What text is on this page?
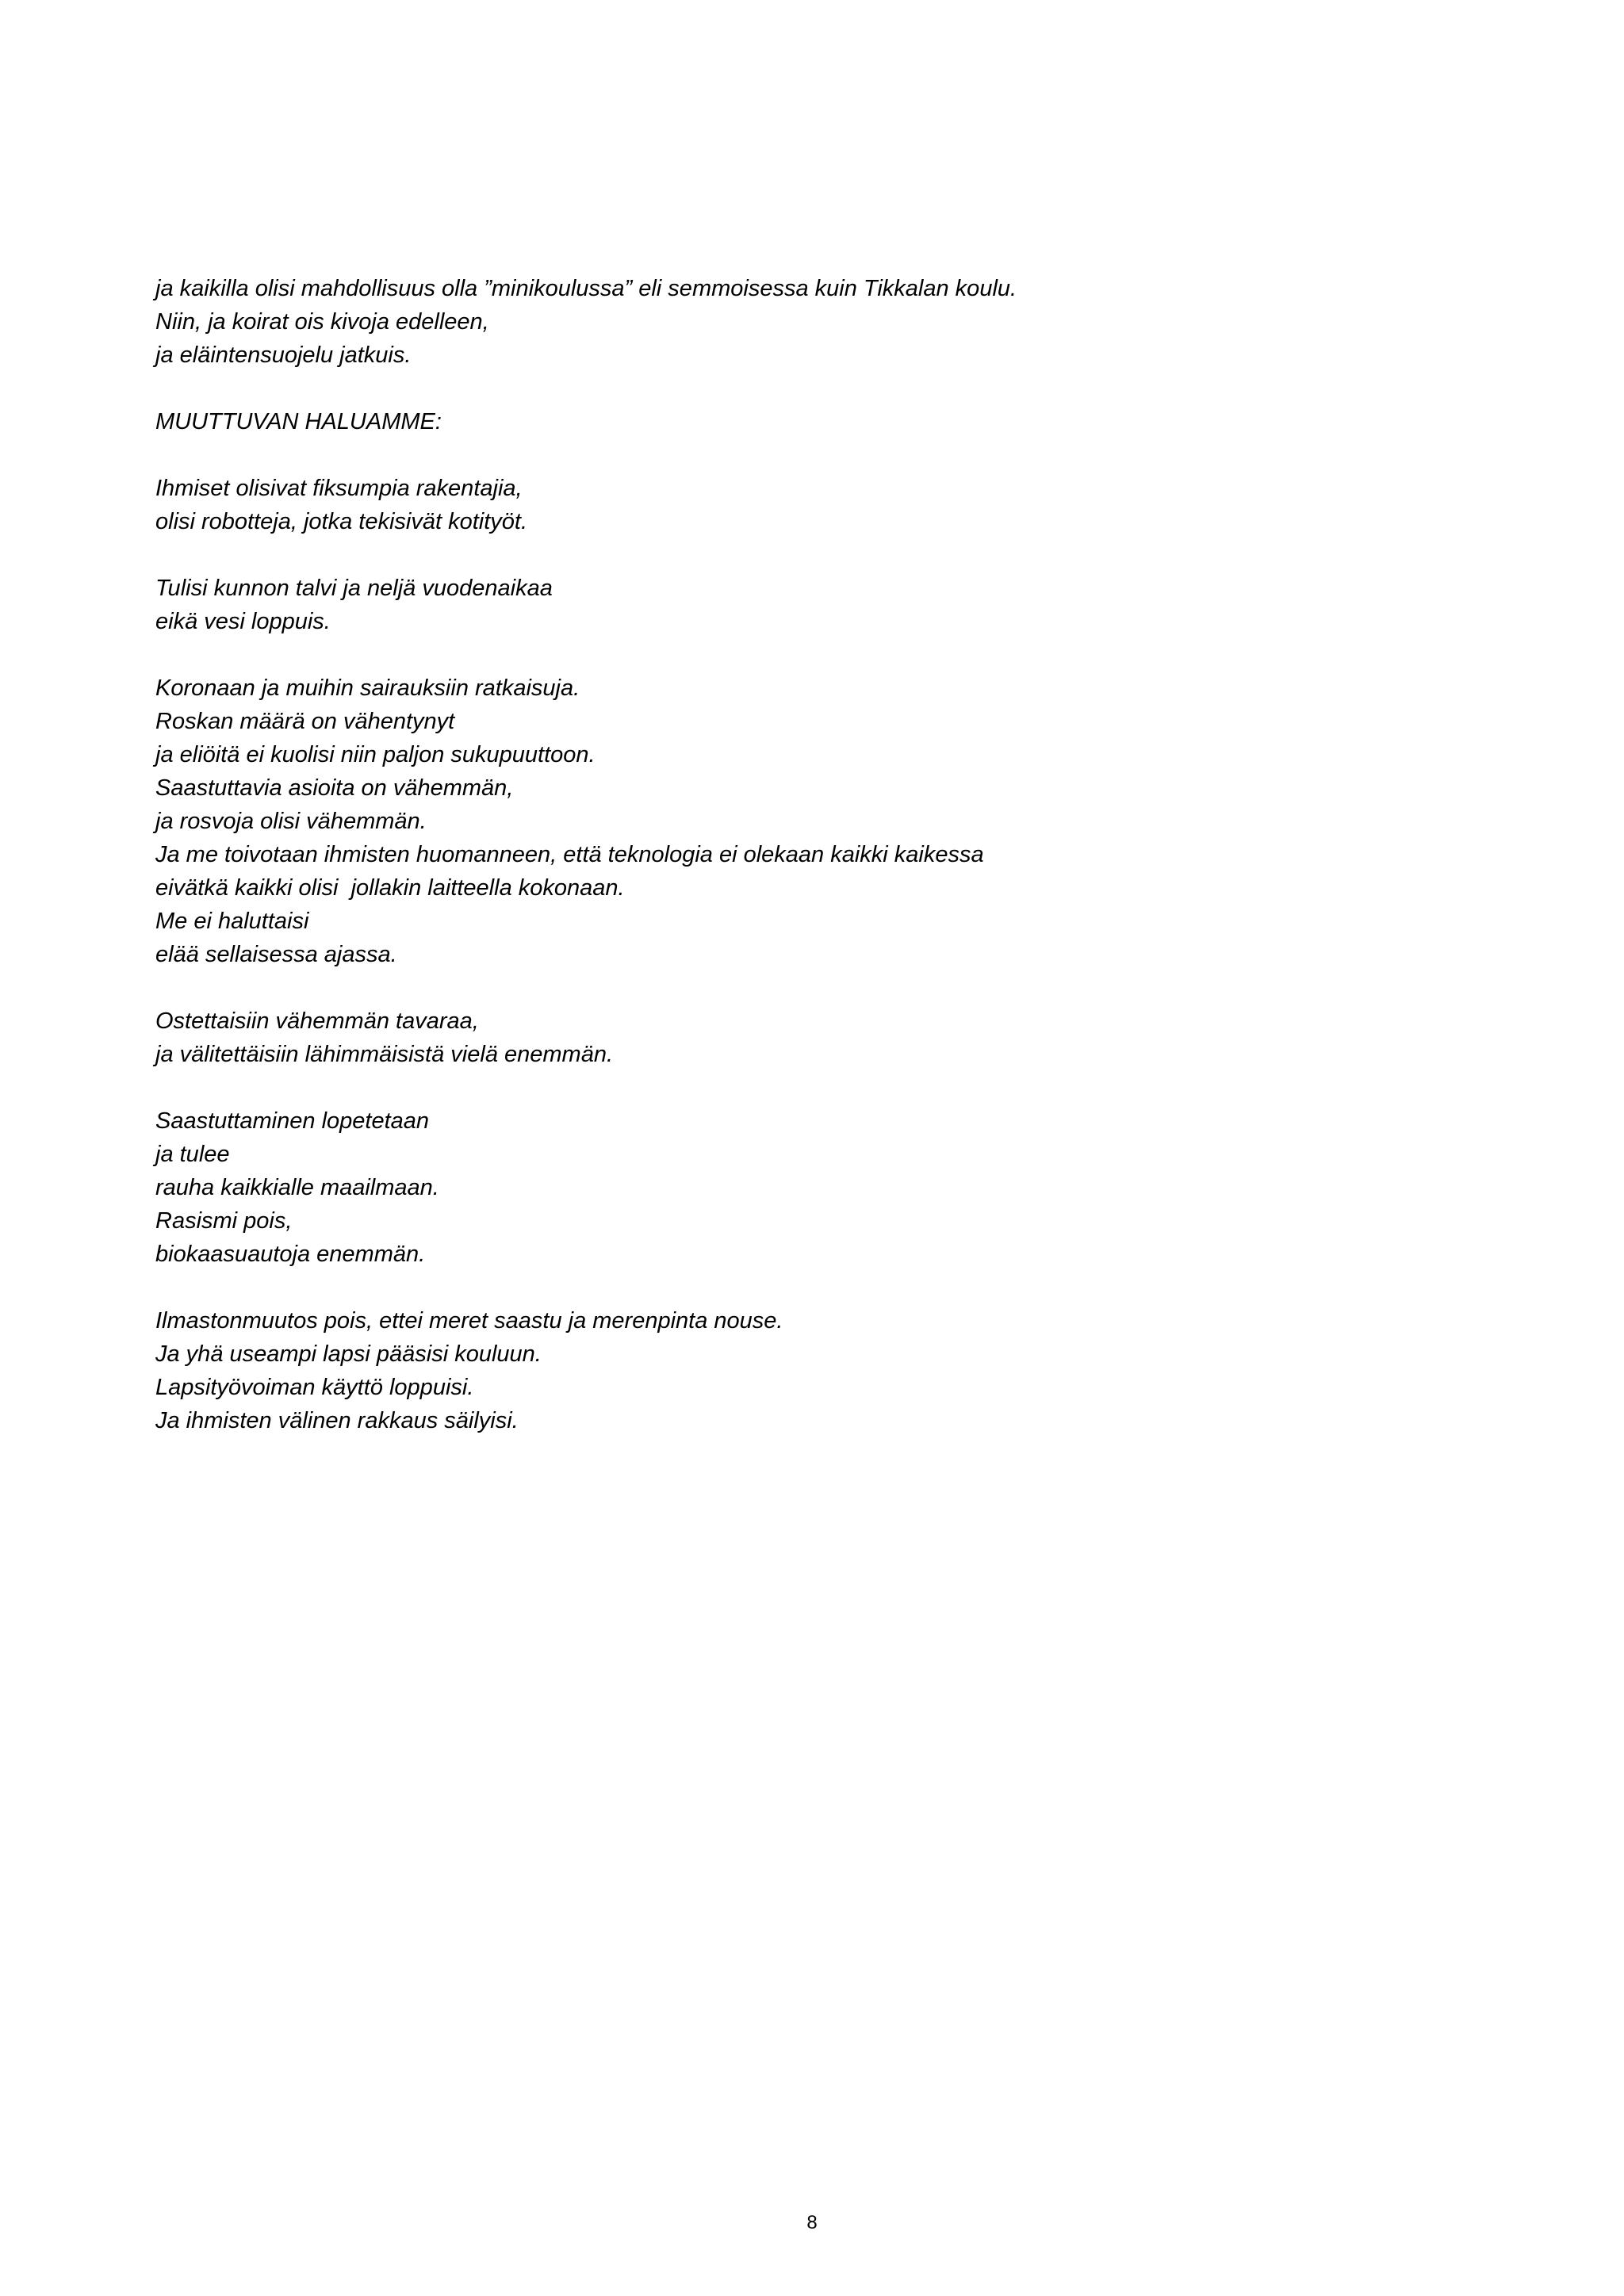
ja kaikilla olisi mahdollisuus olla ”minikoulussa” eli semmoisessa kuin Tikkalan koulu.
Niin, ja koirat ois kivoja edelleen,
ja eläintensuojelu jatkuis.
MUUTTUVAN HALUAMME:
Ihmiset olisivat fiksumpia rakentajia,
olisi robotteja, jotka tekisivät kotityöt.
Tulisi kunnon talvi ja neljä vuodenaikaa
eikä vesi loppuis.
Koronaan ja muihin sairauksiin ratkaisuja.
Roskan määrä on vähentynyt
ja eliöitä ei kuolisi niin paljon sukupuuttoon.
Saastuttavia asioita on vähemmän,
ja rosvoja olisi vähemmän.
Ja me toivotaan ihmisten huomanneen, että teknologia ei olekaan kaikki kaikessa
eivätkä kaikki olisi  jollakin laitteella kokonaan.
Me ei haluttaisi
elää sellaisessa ajassa.
Ostettaisiin vähemmän tavaraa,
ja välitettäisiin lähimmäisistä vielä enemmän.
Saastuttaminen lopetetaan
ja tulee
rauha kaikkialle maailmaan.
Rasismi pois,
biokaasuautoja enemmän.
Ilmastonmuutos pois, ettei meret saastu ja merenpinta nouse.
Ja yhä useampi lapsi pääsisi kouluun.
Lapsityövoiman käyttö loppuisi.
Ja ihmisten välinen rakkaus säilyisi.
8
